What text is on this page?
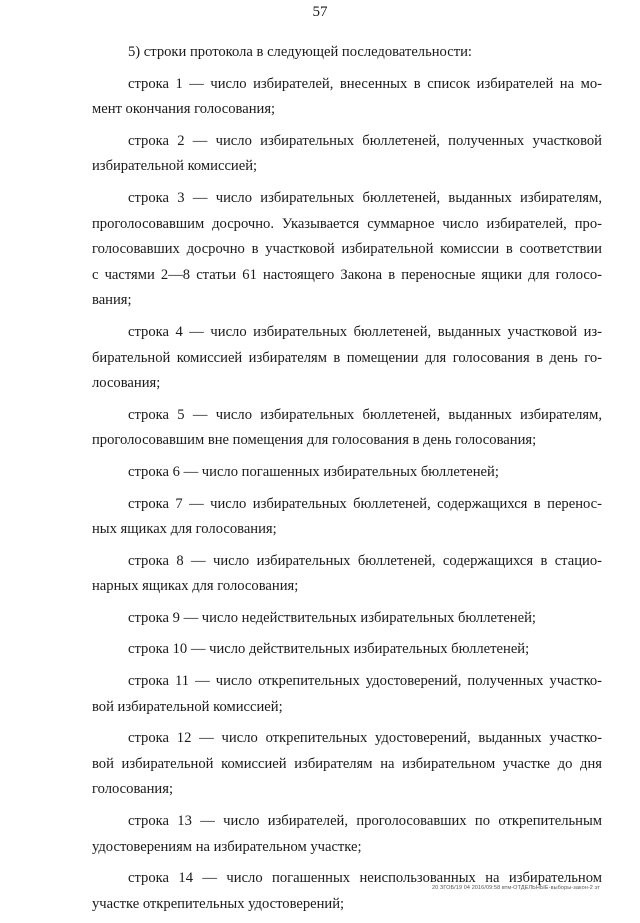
57
5) строки протокола в следующей последовательности:
строка 1 — число избирателей, внесенных в список избирателей на мо-
мент окончания голосования;
строка 2 — число избирательных бюллетеней, полученных участковой
избирательной комиссией;
строка 3 — число избирательных бюллетеней, выданных избирателям,
проголосовавшим досрочно. Указывается суммарное число избирателей, про-
голосовавших досрочно в участковой избирательной комиссии в соответствии
с частями 2—8 статьи 61 настоящего Закона в переносные ящики для голосо-
вания;
строка 4 — число избирательных бюллетеней, выданных участковой из-
бирательной комиссией избирателям в помещении для голосования в день го-
лосования;
строка 5 — число избирательных бюллетеней, выданных избирателям,
проголосовавшим вне помещения для голосования в день голосования;
строка 6 — число погашенных избирательных бюллетеней;
строка 7 — число избирательных бюллетеней, содержащихся в перенос-
ных ящиках для голосования;
строка 8 — число избирательных бюллетеней, содержащихся в стацио-
нарных ящиках для голосования;
строка 9 — число недействительных избирательных бюллетеней;
строка 10 — число действительных избирательных бюллетеней;
строка 11 — число открепительных удостоверений, полученных участко-
вой избирательной комиссией;
строка 12 — число открепительных удостоверений, выданных участко-
вой избирательной комиссией избирателям на избирательном участке до дня
голосования;
строка 13 — число избирателей, проголосовавших по открепительным
удостоверениям на избирательном участке;
строка 14 — число погашенных неиспользованных на избирательном
участке открепительных удостоверений;
20 ЗГОБ/19 04 2016/09:58 втм-ОТДЕЛЬНЫЕ-выборы-закон-2 эт
